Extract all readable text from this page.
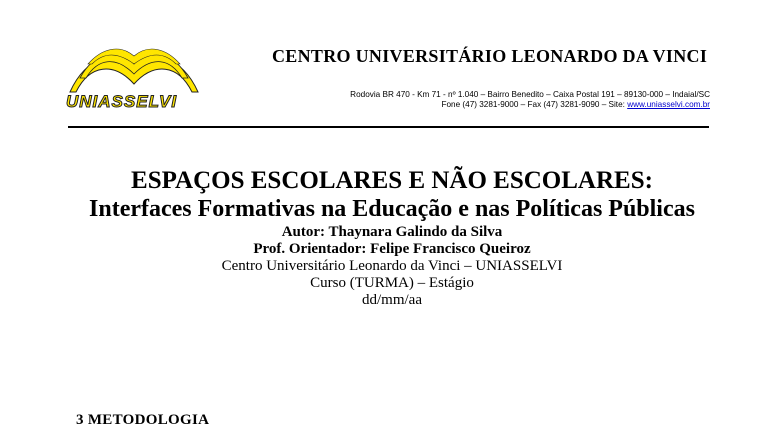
UNIASSELVI
CENTRO UNIVERSITÁRIO LEONARDO DA VINCI
Rodovia BR 470 - Km 71 - nº 1.040 – Bairro Benedito – Caixa Postal 191 – 89130-000 – Indaial/SC
Fone (47) 3281-9000 – Fax (47) 3281-9090 – Site: www.uniasselvi.com.br

ESPAÇOS ESCOLARES E NÃO ESCOLARES:

Interfaces Formativas na Educação e nas Políticas Públicas

Autor: Thaynara Galindo da Silva

Prof. Orientador: Felipe Francisco Queiroz

Centro Universitário Leonardo da Vinci – UNIASSELVI

Curso (TURMA) – Estágio

dd/mm/aa

3 METODOLOGIA
